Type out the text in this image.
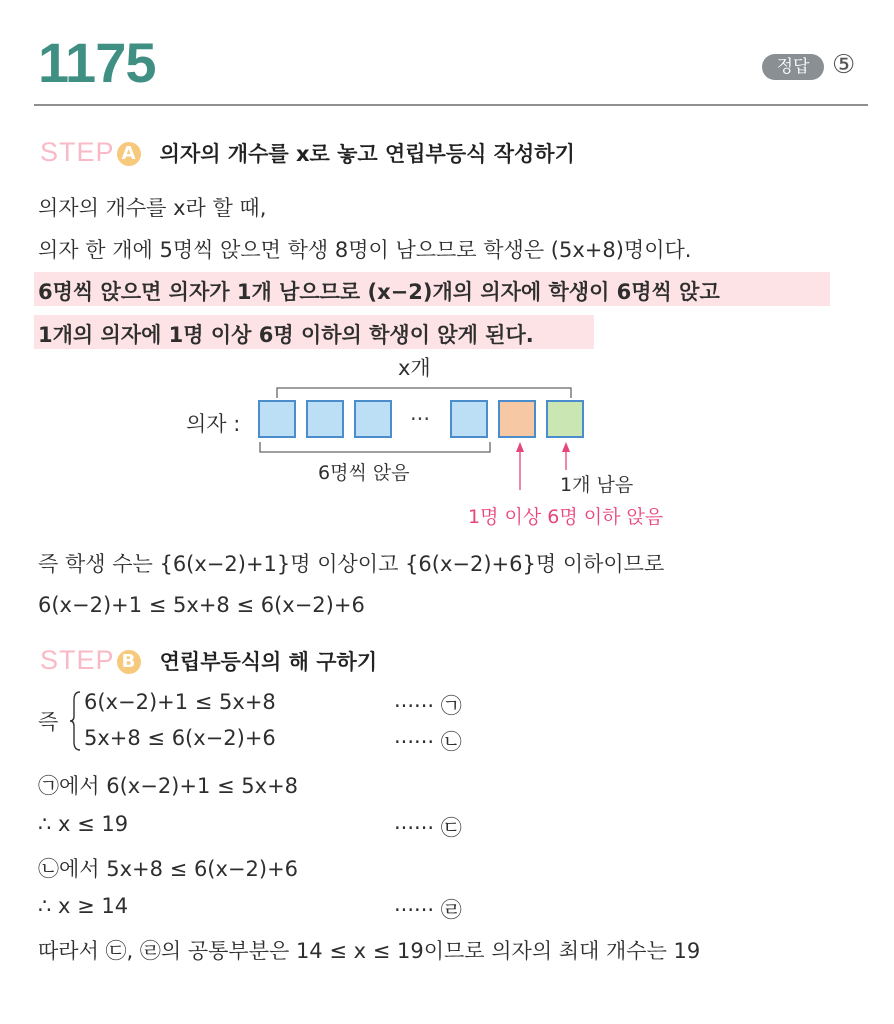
1175	정답 ⑤
STEP A 의자의 개수를 x로 놓고 연립부등식 작성하기
의자의 개수를 x라 할 때,
의자 한 개에 5명씩 앉으면 학생 8명이 남으므로 학생은 (5x+8)명이다.
6명씩 앉으면 의자가 1개 남으므로 (x−2)개의 의자에 학생이 6명씩 앉고
1개의 의자에 1명 이상 6명 이하의 학생이 앉게 된다.
x개
의자 :	···
6명씩 앉음
1개 남음
1명 이상 6명 이하 앉음
즉 학생 수는 {6(x−2)+1}명 이상이고 {6(x−2)+6}명 이하이므로
6(x−2)+1 ≤ 5x+8 ≤ 6(x−2)+6
STEP B 연립부등식의 해 구하기
즉
6(x−2)+1 ≤ 5x+8	······ ㉠
5x+8 ≤ 6(x−2)+6	······ ㉡
㉠에서 6(x−2)+1 ≤ 5x+8
∴ x ≤ 19	······ ㉢
㉡에서 5x+8 ≤ 6(x−2)+6
∴ x ≥ 14	······ ㉣
따라서 ㉢, ㉣의 공통부분은 14 ≤ x ≤ 19이므로 의자의 최대 개수는 19
